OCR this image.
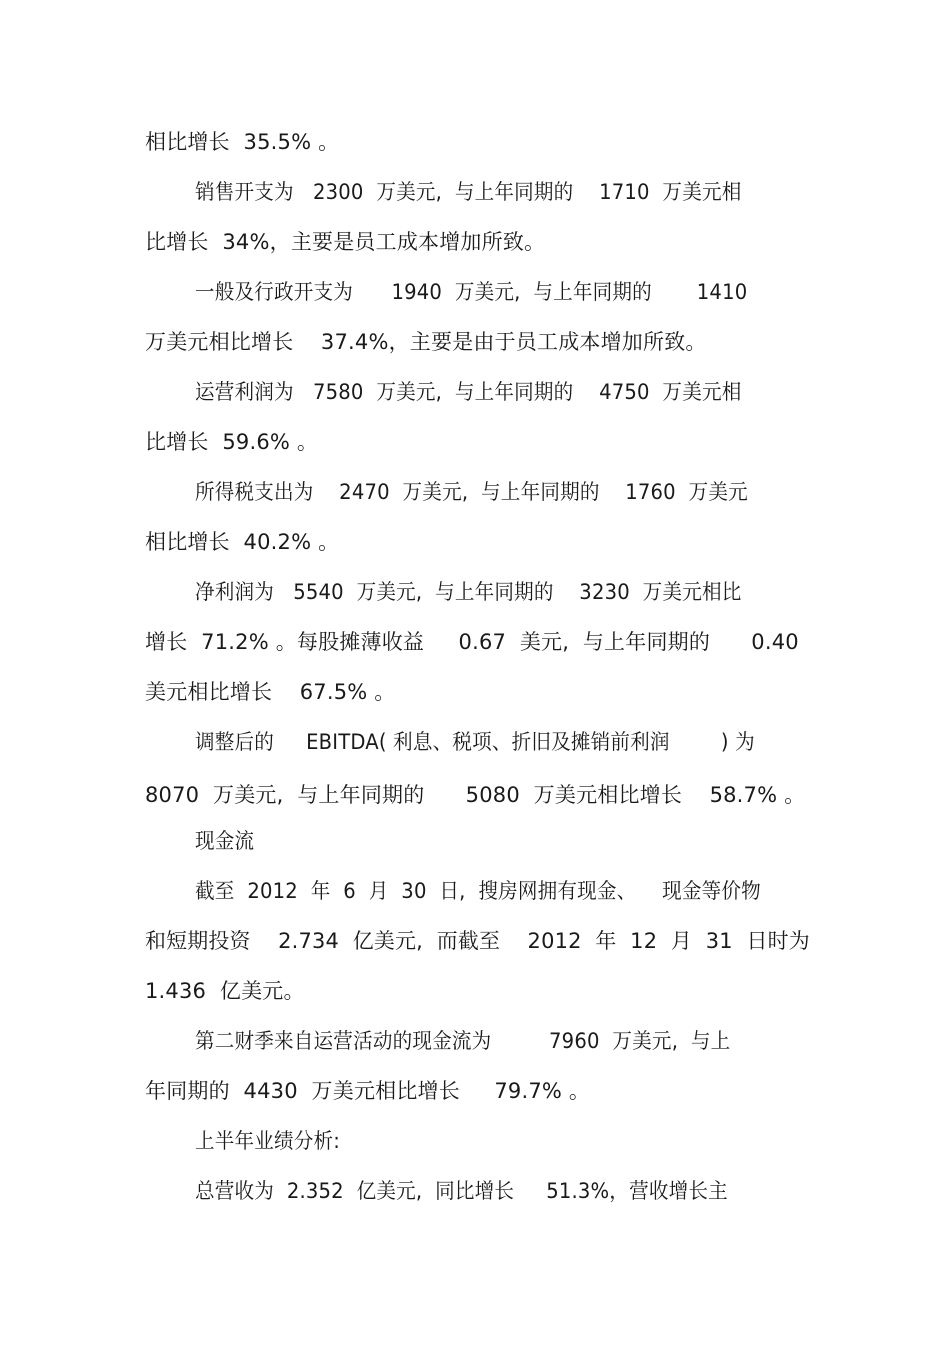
相比增长  35.5% 。
销售开支为   2300  万美元,  与上年同期的    1710  万美元相
比增长  34%，主要是员工成本增加所致。
一般及行政开支为      1940  万美元,  与上年同期的       1410
万美元相比增长    37.4%，主要是由于员工成本增加所致。
运营利润为   7580  万美元,  与上年同期的    4750  万美元相
比增长  59.6% 。
所得税支出为    2470  万美元,  与上年同期的    1760  万美元
相比增长  40.2% 。
净利润为   5540  万美元,  与上年同期的    3230  万美元相比
增长  71.2% 。每股摊薄收益     0.67  美元,  与上年同期的      0.40
美元相比增长    67.5% 。
调整后的     EBITDA( 利息、税项、折旧及摊销前利润        ) 为
8070  万美元,  与上年同期的      5080  万美元相比增长    58.7% 。
现金流
截至  2012  年  6  月  30  日,  搜房网拥有现金、    现金等价物
和短期投资    2.734  亿美元,  而截至    2012  年  12  月  31  日时为
1.436  亿美元。
第二财季来自运营活动的现金流为         7960  万美元,  与上
年同期的  4430  万美元相比增长     79.7% 。
上半年业绩分析:
总营收为  2.352  亿美元,  同比增长     51.3%，营收增长主
